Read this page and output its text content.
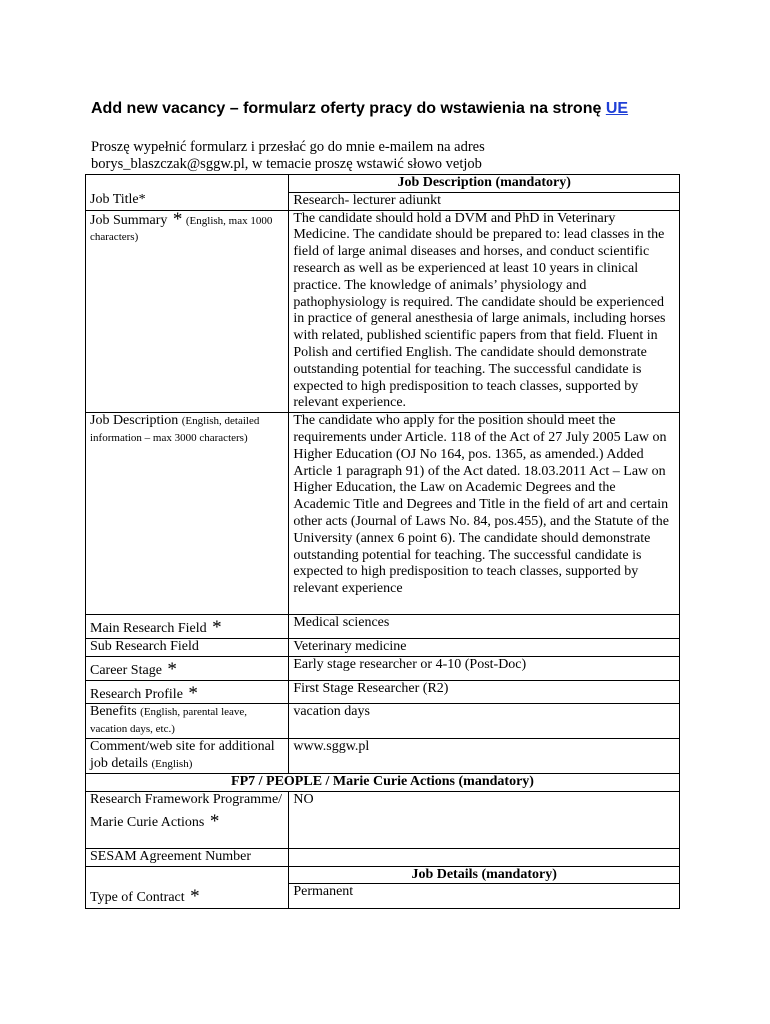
Add new vacancy – formularz oferty pracy do wstawienia na stronę UE
Proszę wypełnić formularz i przesłać go do mnie e-mailem na adres
borys_blaszczak@sggw.pl, w temacie proszę wstawić słowo vetjob
	Job Description (mandatory)
Job Title*	Research- lecturer adiunkt
Job Summary * (English, max 1000 characters)	The candidate should hold a DVM and PhD in Veterinary Medicine. The candidate should be prepared to: lead classes in the field of large animal diseases and horses, and conduct scientific research as well as be experienced at least 10 years in clinical practice. The knowledge of animals’ physiology and pathophysiology is required. The candidate should be experienced in practice of general anesthesia of large animals, including horses with related, published scientific papers from that field. Fluent in Polish and certified English. The candidate should demonstrate outstanding potential for teaching. The successful candidate is expected to high predisposition to teach classes, supported by relevant experience.
Job Description (English, detailed information – max 3000 characters)	The candidate who apply for the position should meet the requirements under Article. 118 of the Act of 27 July 2005 Law on Higher Education (OJ No 164, pos. 1365, as amended.) Added Article 1 paragraph 91) of the Act dated. 18.03.2011 Act – Law on Higher Education, the Law on Academic Degrees and the Academic Title and Degrees and Title in the field of art and certain other acts (Journal of Laws No. 84, pos.455), and the Statute of the University (annex 6 point 6). The candidate should demonstrate outstanding potential for teaching. The successful candidate is expected to high predisposition to teach classes, supported by relevant experience
Main Research Field *	Medical sciences
Sub Research Field	Veterinary medicine
Career Stage *	Early stage researcher or 4-10 (Post-Doc)
Research Profile *	First Stage Researcher (R2)
Benefits (English, parental leave, vacation days, etc.)	vacation days
Comment/web site for additional job details (English)	www.sggw.pl
FP7 / PEOPLE / Marie Curie Actions (mandatory)	

Research Framework Programme/
Marie Curie Actions *	NO
SESAM Agreement Number	
	Job Details (mandatory)
Type of Contract *	Permanent
